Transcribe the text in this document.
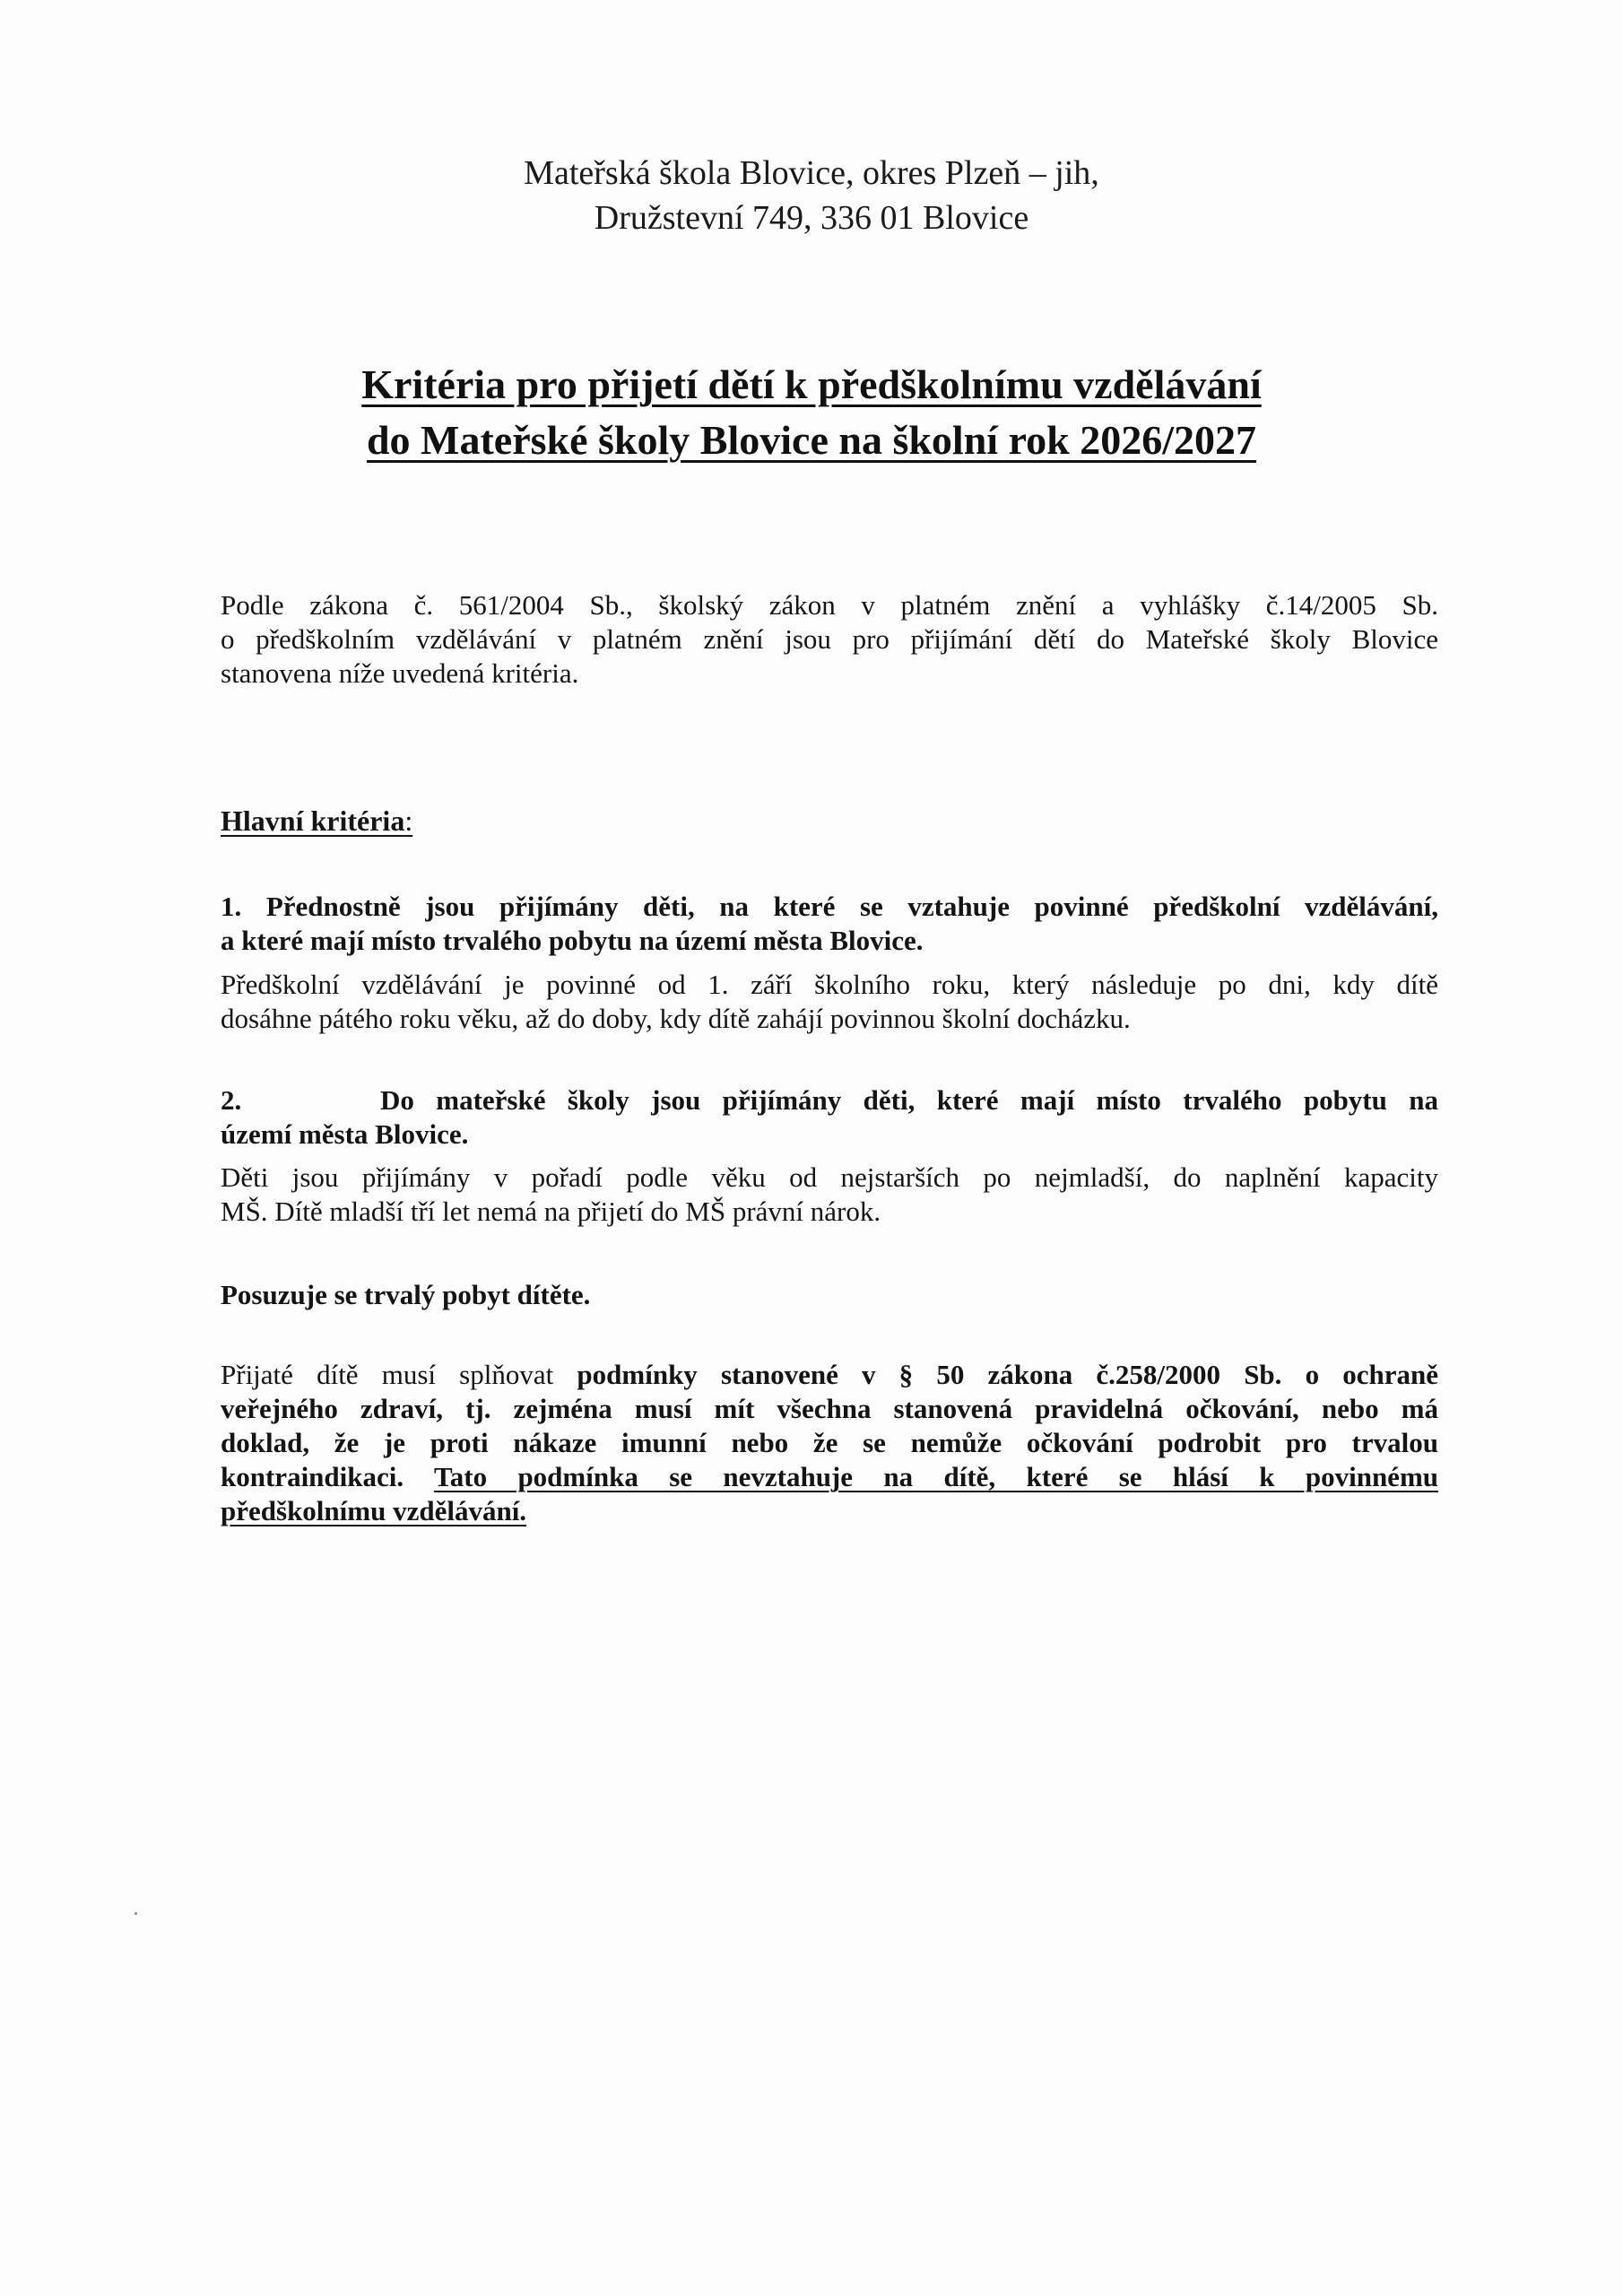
Mateřská škola Blovice, okres Plzeň – jih,
Družstevní 749, 336 01 Blovice
Kritéria pro přijetí dětí k předškolnímu vzdělávání
do Mateřské školy Blovice na školní rok 2026/2027
Podle zákona č. 561/2004 Sb., školský zákon v platném znění a vyhlášky č.14/2005 Sb.
o předškolním vzdělávání v platném znění jsou pro přijímání dětí do Mateřské školy Blovice
stanovena níže uvedená kritéria.
Hlavní kritéria:
1. Přednostně jsou přijímány děti, na které se vztahuje povinné předškolní vzdělávání,
a které mají místo trvalého pobytu na území města Blovice.
Předškolní vzdělávání je povinné od 1. září školního roku, který následuje po dni, kdy dítě
dosáhne pátého roku věku, až do doby, kdy dítě zahájí povinnou školní docházku.
2.	Do mateřské školy jsou přijímány děti, které mají místo trvalého pobytu na
území města Blovice.
Děti jsou přijímány v pořadí podle věku od nejstarších po nejmladší, do naplnění kapacity
MŠ. Dítě mladší tří let nemá na přijetí do MŠ právní nárok.
Posuzuje se trvalý pobyt dítěte.
Přijaté dítě musí splňovat podmínky stanovené v § 50 zákona č.258/2000 Sb. o ochraně
veřejného zdraví, tj. zejména musí mít všechna stanovená pravidelná očkování, nebo má
doklad, že je proti nákaze imunní nebo že se nemůže očkování podrobit pro trvalou
kontraindikaci. Tato podmínka se nevztahuje na dítě, které se hlásí k povinnému
předškolnímu vzdělávání.
